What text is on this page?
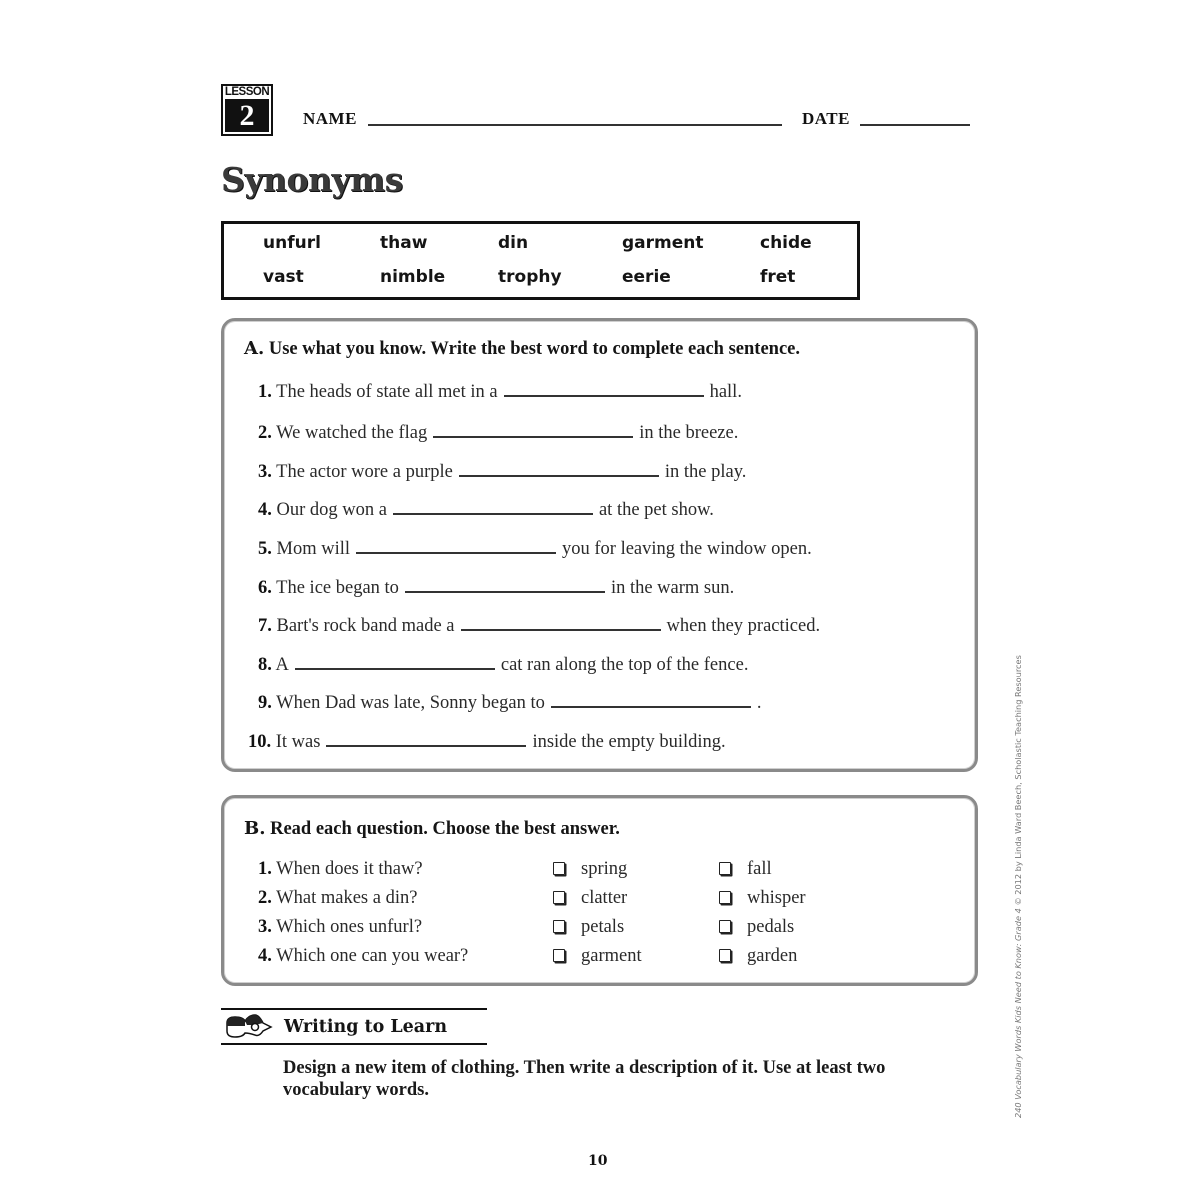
LESSON
2	NAME	DATE
Synonyms
unfurl	thaw	din	garment	chide
vast	nimble	trophy	eerie	fret
A. Use what you know. Write the best word to complete each sentence.
1. The heads of state all met in a	hall.
2. We watched the flag	in the breeze.
3. The actor wore a purple	in the play.
4. Our dog won a	at the pet show.
5. Mom will	you for leaving the window open.
6. The ice began to	in the warm sun.
7. Bart's rock band made a	when they practiced.
8. A	cat ran along the top of the fence.
9. When Dad was late, Sonny began to	.
10. It was	inside the empty building.
B. Read each question. Choose the best answer.
1. When does it thaw?	spring	fall
2. What makes a din?	clatter	whisper
3. Which ones unfurl?	petals	pedals
4. Which one can you wear?	garment	garden
Writing to Learn
Design a new item of clothing. Then write a description of it. Use at least two vocabulary words.
10
240 Vocabulary Words Kids Need to Know: Grade 4 © 2012 by Linda Ward Beech, Scholastic Teaching Resources
